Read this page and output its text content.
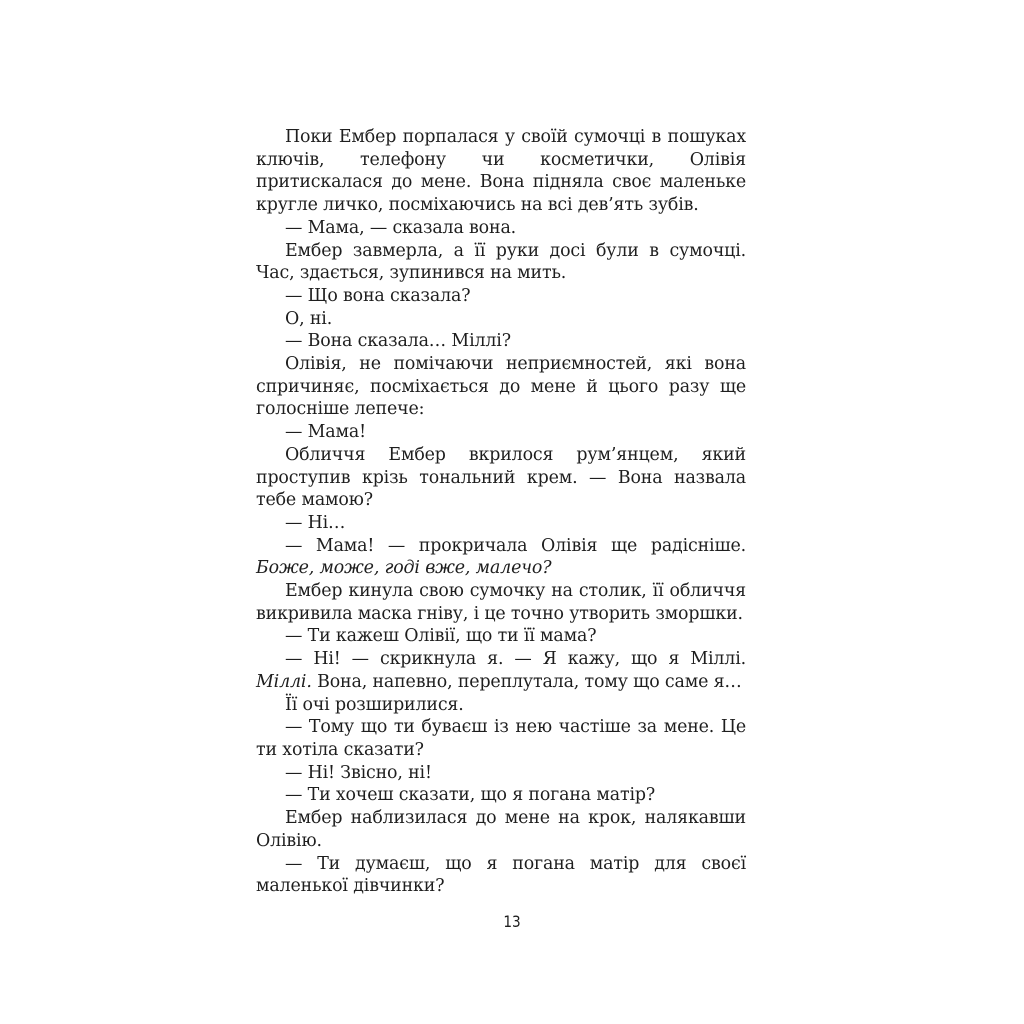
Поки Ембер порпалася у своїй сумочці в пошуках ключів, телефону чи косметички, Олівія притискалася до мене. Вона підняла своє маленьке кругле личко, посміхаючись на всі дев’ять зубів.

— Мама, — сказала вона.

Ембер завмерла, а її руки досі були в сумочці. Час, здається, зупинився на мить.

— Що вона сказала?

О, ні.

— Вона сказала… Міллі?

Олівія, не помічаючи неприємностей, які вона спричиняє, посміхається до мене й цього разу ще голосніше лепече:

— Мама!

Обличчя Ембер вкрилося рум’янцем, який проступив крізь тональний крем. — Вона назвала тебе мамою?

— Ні…

— Мама! — прокричала Олівія ще радісніше. Боже, може, годі вже, малечо?

Ембер кинула свою сумочку на столик, її обличчя викривила маска гніву, і це точно утворить зморшки.

— Ти кажеш Олівії, що ти її мама?

— Ні! — скрикнула я. — Я кажу, що я Міллі. Міллі. Вона, напевно, переплутала, тому що саме я…

Її очі розширилися.

— Тому що ти буваєш із нею частіше за мене. Це ти хотіла сказати?

— Ні! Звісно, ні!

— Ти хочеш сказати, що я погана матір?

Ембер наблизилася до мене на крок, налякавши Олівію.

— Ти думаєш, що я погана матір для своєї маленької дівчинки?

13
